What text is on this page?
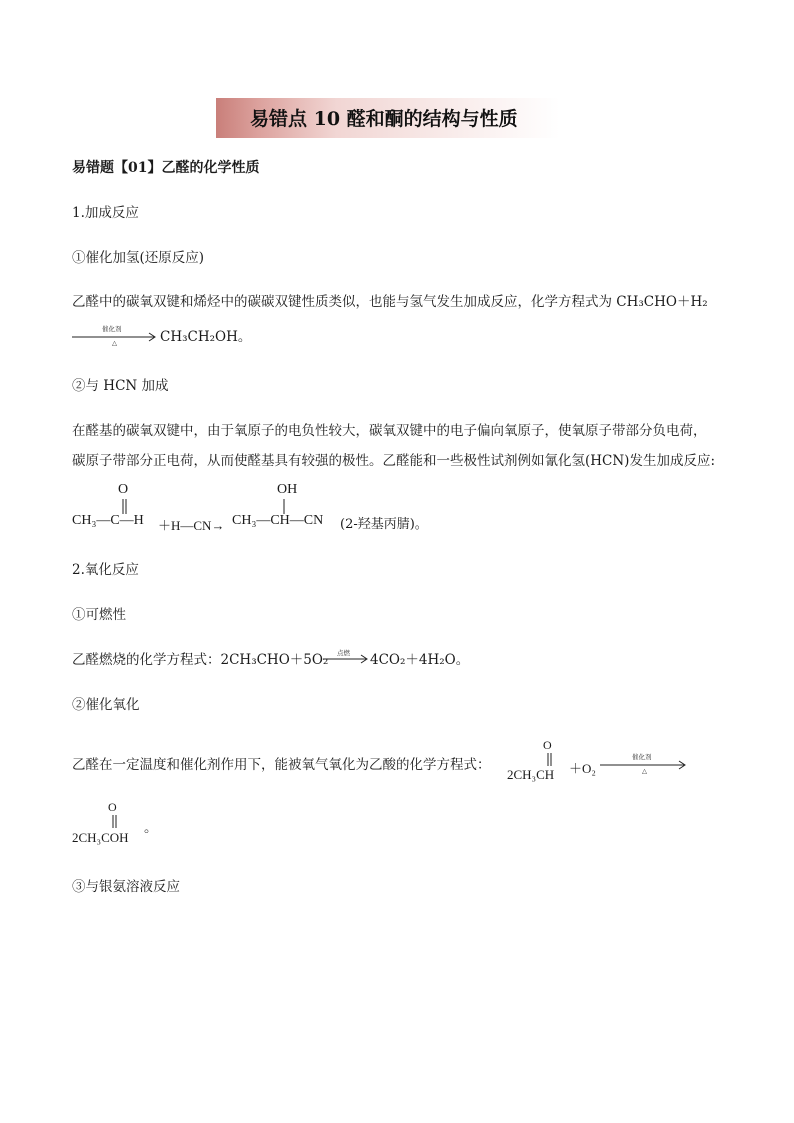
易错点 10 醛和酮的结构与性质
易错题【01】乙醛的化学性质
1.加成反应
①催化加氢(还原反应)
乙醛中的碳氧双键和烯烃中的碳碳双键性质类似，也能与氢气发生加成反应，化学方程式为 CH₃CHO＋H₂
催化剂
△	CH₃CH₂OH。
②与 HCN 加成
在醛基的碳氧双键中，由于氧原子的电负性较大，碳氧双键中的电子偏向氧原子，使氧原子带部分负电荷，
碳原子带部分正电荷，从而使醛基具有较强的极性。乙醛能和一些极性试剂例如氰化氢(HCN)发生加成反应:
O	OH
CH₃—C—H ＋H—CN→ CH₃—CH—CN (2-羟基丙腈)。
2.氧化反应
①可燃性
乙醛燃烧的化学方程式：2CH₃CHO＋5O₂ 点燃 4CO₂＋4H₂O。
②催化氧化
乙醛在一定温度和催化剂作用下，能被氧气氧化为乙酸的化学方程式：
O
2CH₃CH ＋O₂
催化剂
△
O
2CH₃COH
。
③与银氨溶液反应
